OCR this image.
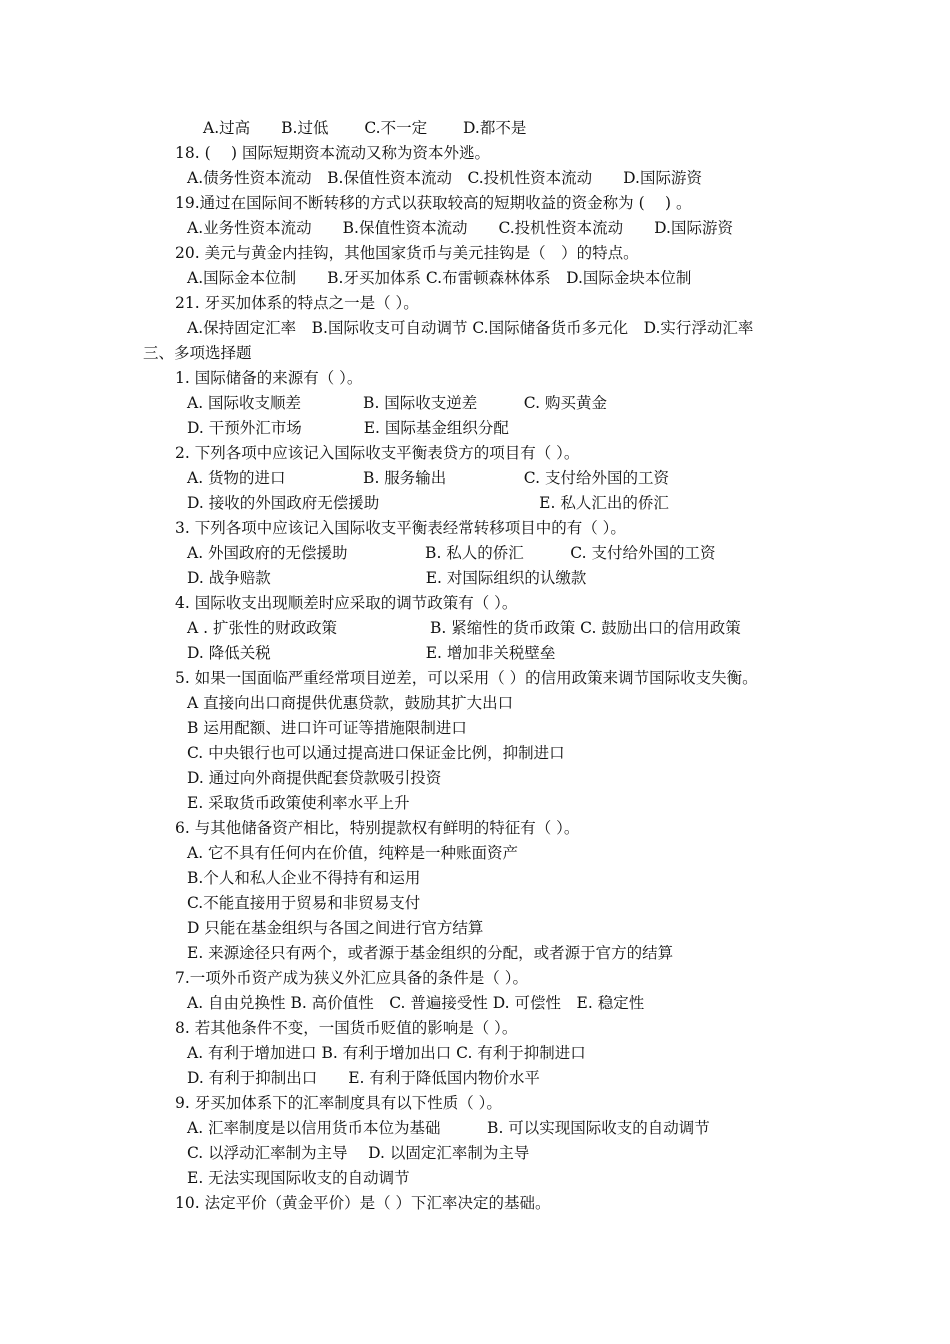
A.过高　　B.过低　　 C.不一定　　 D.都不是
18. (　 ) 国际短期资本流动又称为资本外逃。
A.债务性资本流动　B.保值性资本流动　C.投机性资本流动　　D.国际游资
19.通过在国际间不断转移的方式以获取较高的短期收益的资金称为 (　 ) 。
A.业务性资本流动　　B.保值性资本流动　　C.投机性资本流动　　D.国际游资
20. 美元与黄金内挂钩，其他国家货币与美元挂钩是（　）的特点。
A.国际金本位制　　B.牙买加体系 C.布雷顿森林体系　D.国际金块本位制
21. 牙买加体系的特点之一是（ ）。
A.保持固定汇率　B.国际收支可自动调节 C.国际储备货币多元化　D.实行浮动汇率
三、多项选择题
1. 国际储备的来源有（ ）。
A. 国际收支顺差　　　　B. 国际收支逆差　　　C. 购买黄金
D. 干预外汇市场　　　　E. 国际基金组织分配
2. 下列各项中应该记入国际收支平衡表贷方的项目有（ ）。
A. 货物的进口　　　　　B. 服务输出　　　　　C. 支付给外国的工资
D. 接收的外国政府无偿援助　　　　　　　　　　 E. 私人汇出的侨汇
3. 下列各项中应该记入国际收支平衡表经常转移项目中的有（ ）。
A. 外国政府的无偿援助　　　　　B. 私人的侨汇　　　C. 支付给外国的工资
D. 战争赔款　　　　　　　　　　E. 对国际组织的认缴款
4. 国际收支出现顺差时应采取的调节政策有（ ）。
A . 扩张性的财政政策　　　　　　B. 紧缩性的货币政策 C. 鼓励出口的信用政策
D. 降低关税　　　　　　　　　　E. 增加非关税壁垒
5. 如果一国面临严重经常项目逆差，可以采用（ ）的信用政策来调节国际收支失衡。
A 直接向出口商提供优惠贷款，鼓励其扩大出口
B 运用配额、进口许可证等措施限制进口
C. 中央银行也可以通过提高进口保证金比例，抑制进口
D. 通过向外商提供配套贷款吸引投资
E. 采取货币政策使利率水平上升
6. 与其他储备资产相比，特别提款权有鲜明的特征有（ ）。
A. 它不具有任何内在价值，纯粹是一种账面资产
B.个人和私人企业不得持有和运用
C.不能直接用于贸易和非贸易支付
D 只能在基金组织与各国之间进行官方结算
E. 来源途径只有两个，或者源于基金组织的分配，或者源于官方的结算
7.一项外币资产成为狭义外汇应具备的条件是（ ）。
A. 自由兑换性 B. 高价值性　C. 普遍接受性 D. 可偿性　E. 稳定性
8. 若其他条件不变，一国货币贬值的影响是（ ）。
A. 有利于增加进口 B. 有利于增加出口 C. 有利于抑制进口
D. 有利于抑制出口　　E. 有利于降低国内物价水平
9. 牙买加体系下的汇率制度具有以下性质（ ）。
A. 汇率制度是以信用货币本位为基础　　　B. 可以实现国际收支的自动调节
C. 以浮动汇率制为主导　 D. 以固定汇率制为主导
E. 无法实现国际收支的自动调节
10. 法定平价（黄金平价）是（ ）下汇率决定的基础。
